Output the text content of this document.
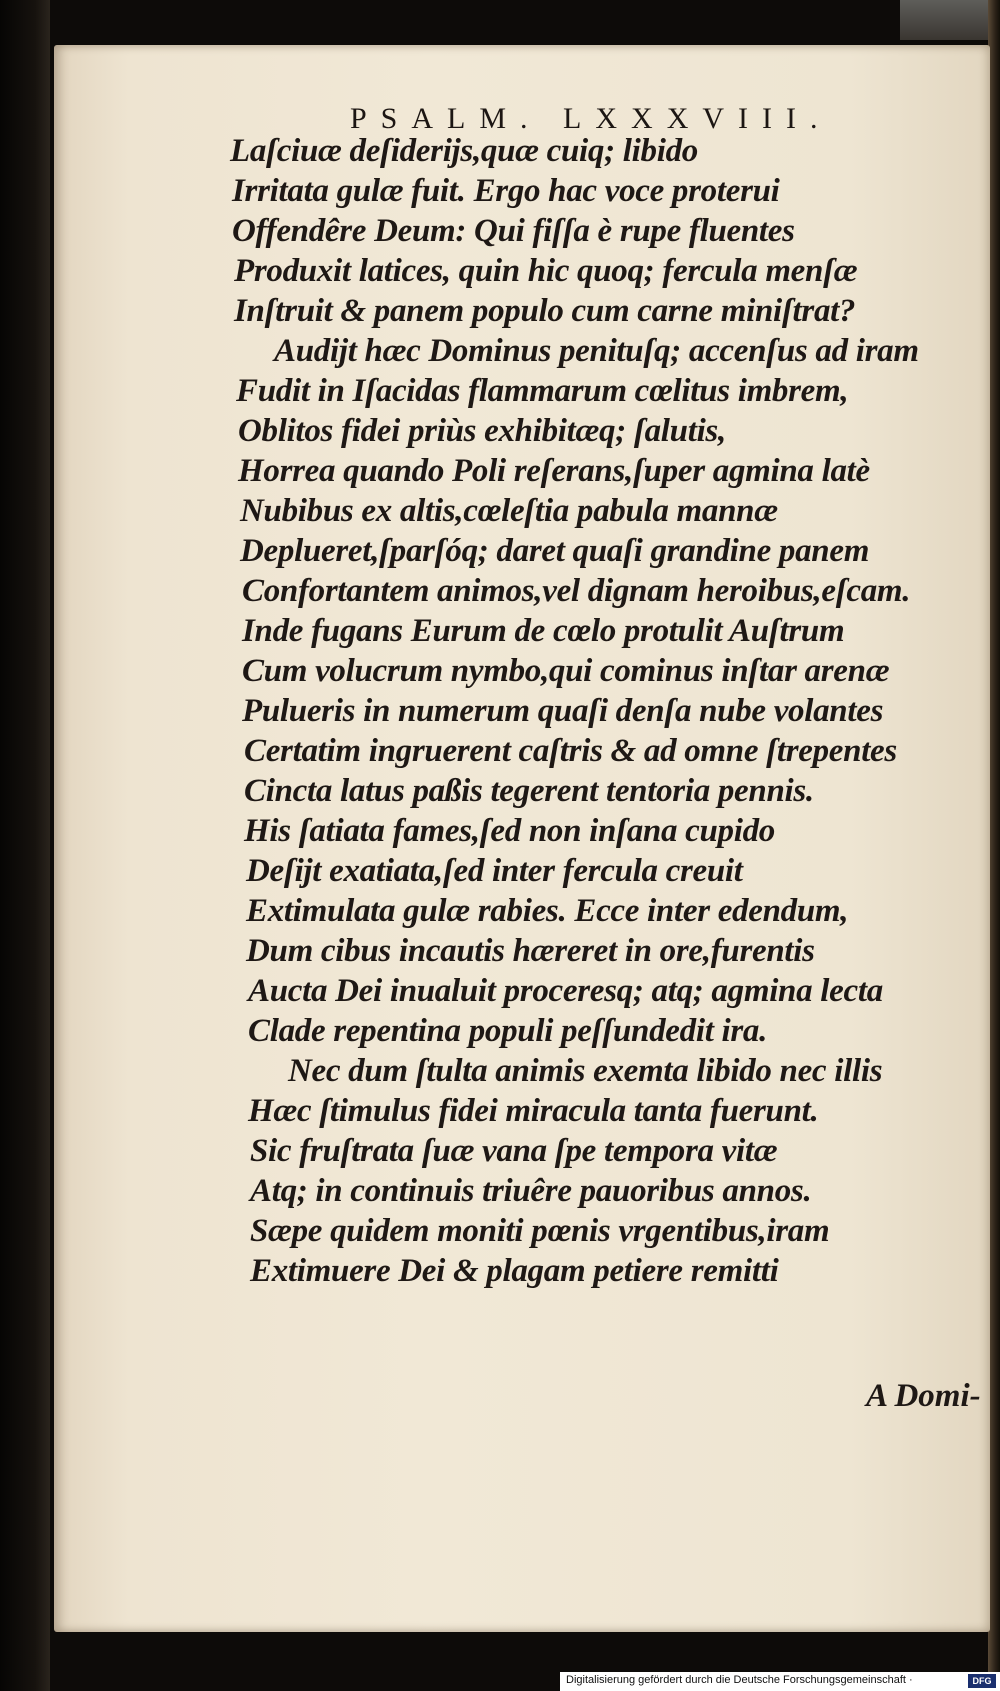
PSALM. LXXXVIII.
Laſciuæ deſiderijs,quæ cuiq; libido
Irritata gulæ fuit. Ergo hac voce proterui
Offendêre Deum: Qui fiſſa è rupe fluentes
Produxit latices, quin hic quoq; fercula menſæ
Inſtruit & panem populo cum carne miniſtrat?
Audijt hæc Dominus penituſq; accenſus ad iram
Fudit in Iſacidas flammarum cœlitus imbrem,
Oblitos fidei priùs exhibitæq; ſalutis,
Horrea quando Poli reſerans,ſuper agmina latè
Nubibus ex altis,cœleſtia pabula mannæ
Deplueret,ſparſóq; daret quaſi grandine panem
Confortantem animos,vel dignam heroibus,eſcam.
Inde fugans Eurum de cœlo protulit Auſtrum
Cum volucrum nymbo,qui cominus inſtar arenæ
Pulueris in numerum quaſi denſa nube volantes
Certatim ingruerent caſtris & ad omne ſtrepentes
Cincta latus paßis tegerent tentoria pennis.
His ſatiata fames,ſed non inſana cupido
Deſijt exatiata,ſed inter fercula creuit
Extimulata gulæ rabies. Ecce inter edendum,
Dum cibus incautis hæreret in ore,furentis
Aucta Dei inualuit proceresq; atq; agmina lecta
Clade repentina populi peſſundedit ira.
Nec dum ſtulta animis exemta libido nec illis
Hæc ſtimulus fidei miracula tanta fuerunt.
Sic fruſtrata ſuæ vana ſpe tempora vitæ
Atq; in continuis triuêre pauoribus annos.
Sæpe quidem moniti pœnis vrgentibus,iram
Extimuere Dei & plagam petiere remitti
A Domi-
Digitalisierung gefördert durch die Deutsche Forschungsgemeinschaft ·	DFG
